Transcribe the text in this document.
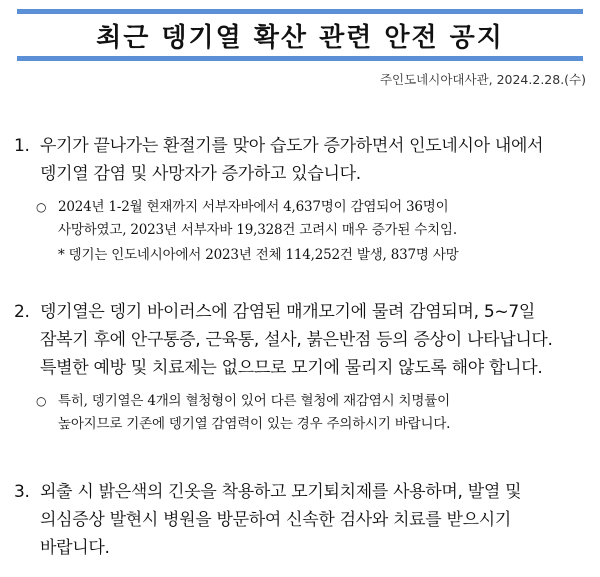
최근 뎅기열 확산 관련 안전 공지
주인도네시아대사관, 2024.2.28.(수)
1. 우기가 끝나가는 환절기를 맞아 습도가 증가하면서 인도네시아 내에서
뎅기열 감염 및 사망자가 증가하고 있습니다.
○ 2024년 1-2월 현재까지 서부자바에서 4,637명이 감염되어 36명이
사망하였고, 2023년 서부자바 19,328건 고려시 매우 증가된 수치임.
* 뎅기는 인도네시아에서 2023년 전체 114,252건 발생, 837명 사망
2. 뎅기열은 뎅기 바이러스에 감염된 매개모기에 물려 감염되며, 5~7일
잠복기 후에 안구통증, 근육통, 설사, 붉은반점 등의 증상이 나타납니다.
특별한 예방 및 치료제는 없으므로 모기에 물리지 않도록 해야 합니다.
○ 특히, 뎅기열은 4개의 혈청형이 있어 다른 혈청에 재감염시 치명률이
높아지므로 기존에 뎅기열 감염력이 있는 경우 주의하시기 바랍니다.
3. 외출 시 밝은색의 긴옷을 착용하고 모기퇴치제를 사용하며, 발열 및
의심증상 발현시 병원을 방문하여 신속한 검사와 치료를 받으시기
바랍니다.
